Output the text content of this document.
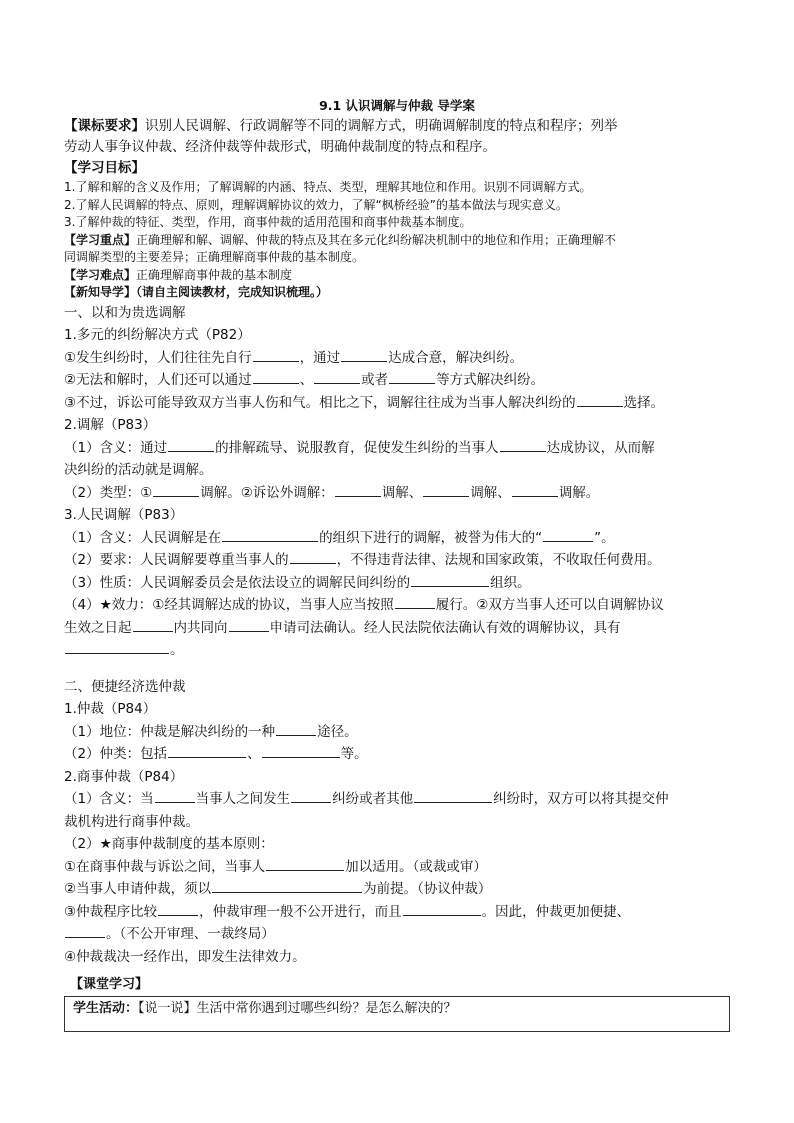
9.1 认识调解与仲裁 导学案
【课标要求】识别人民调解、行政调解等不同的调解方式，明确调解制度的特点和程序；列举
劳动人事争议仲裁、经济仲裁等仲裁形式，明确仲裁制度的特点和程序。
【学习目标】
1.了解和解的含义及作用；了解调解的内涵、特点、类型，理解其地位和作用。识别不同调解方式。
2.了解人民调解的特点、原则，理解调解协议的效力，了解“枫桥经验”的基本做法与现实意义。
3.了解仲裁的特征、类型，作用，商事仲裁的适用范围和商事仲裁基本制度。
【学习重点】正确理解和解、调解、仲裁的特点及其在多元化纠纷解决机制中的地位和作用；正确理解不
同调解类型的主要差异；正确理解商事仲裁的基本制度。
【学习难点】正确理解商事仲裁的基本制度
【新知导学】（请自主阅读教材，完成知识梳理。）
一、以和为贵选调解
1.多元的纠纷解决方式（P82）
①发生纠纷时，人们往往先自行	，通过	达成合意，解决纠纷。
②无法和解时，人们还可以通过	、	或者	等方式解决纠纷。
③不过，诉讼可能导致双方当事人伤和气。相比之下，调解往往成为当事人解决纠纷的	选择。
2.调解（P83）
（1）含义：通过	的排解疏导、说服教育，促使发生纠纷的当事人	达成协议，从而解
决纠纷的活动就是调解。
（2）类型：①	调解。②诉讼外调解：	调解、	调解、	调解。
3.人民调解（P83）
（1）含义：人民调解是在	的组织下进行的调解，被誉为伟大的“	”。
（2）要求：人民调解要尊重当事人的	，不得违背法律、法规和国家政策，不收取任何费用。
（3）性质：人民调解委员会是依法设立的调解民间纠纷的	组织。
（4）★效力：①经其调解达成的协议，当事人应当按照	履行。②双方当事人还可以自调解协议
生效之日起	内共同向	申请司法确认。经人民法院依法确认有效的调解协议，具有
。
二、便捷经济选仲裁
1.仲裁（P84）
（1）地位：仲裁是解决纠纷的一种	途径。
（2）仲类：包括	、	等。
2.商事仲裁（P84）
（1）含义：当	当事人之间发生	纠纷或者其他	纠纷时，双方可以将其提交仲
裁机构进行商事仲裁。
（2）★商事仲裁制度的基本原则：
①在商事仲裁与诉讼之间，当事人	加以适用。（或裁或审）
②当事人申请仲裁，须以	为前提。（协议仲裁）
③仲裁程序比较	，仲裁审理一般不公开进行，而且	。因此，仲裁更加便捷、
。（不公开审理、一裁终局）
④仲裁裁决一经作出，即发生法律效力。
【课堂学习】
学生活动：【说一说】生活中常你遇到过哪些纠纷？是怎么解决的？
